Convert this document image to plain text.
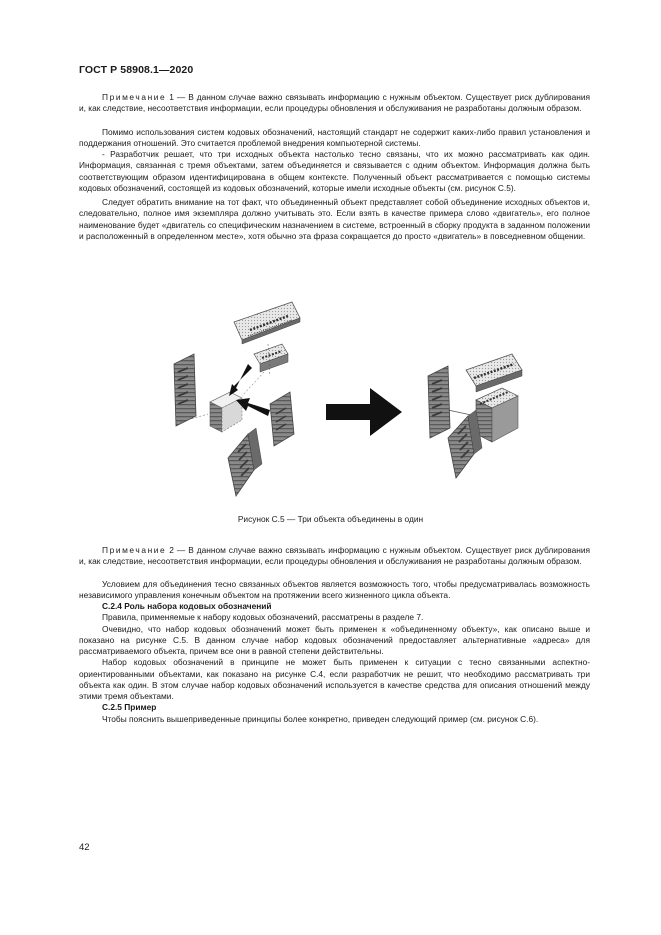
ГОСТ Р 58908.1—2020

Примечание 1 — В данном случае важно связывать информацию с нужным объектом. Существует риск дублирования и, как следствие, несоответствия информации, если процедуры обновления и обслуживания не разработаны должным образом.

Помимо использования систем кодовых обозначений, настоящий стандарт не содержит каких-либо правил установления и поддержания отношений. Это считается проблемой внедрения компьютерной системы.

- Разработчик решает, что три исходных объекта настолько тесно связаны, что их можно рассматривать как один. Информация, связанная с тремя объектами, затем объединяется и связывается с одним объектом. Информация должна быть соответствующим образом идентифицирована в общем контексте. Полученный объект рассматривается с помощью системы кодовых обозначений, состоящей из кодовых обозначений, которые имели исходные объекты (см. рисунок С.5).

Следует обратить внимание на тот факт, что объединенный объект представляет собой объединение исходных объектов и, следовательно, полное имя экземпляра должно учитывать это. Если взять в качестве примера слово «двигатель», его полное наименование будет «двигатель со специфическим назначением в системе, встроенный в сборку продукта в заданном положении и расположенный в определенном месте», хотя обычно эта фраза сокращается до просто «двигатель» в повседневном общении.

Рисунок С.5 — Три объекта объединены в один

Примечание 2 — В данном случае важно связывать информацию с нужным объектом. Существует риск дублирования и, как следствие, несоответствия информации, если процедуры обновления и обслуживания не разработаны должным образом.

Условием для объединения тесно связанных объектов является возможность того, чтобы предусматривалась возможность независимого управления конечным объектом на протяжении всего жизненного цикла объекта.

С.2.4 Роль набора кодовых обозначений

Правила, применяемые к набору кодовых обозначений, рассматрены в разделе 7.

Очевидно, что набор кодовых обозначений может быть применен к «объединенному объекту», как описано выше и показано на рисунке С.5. В данном случае набор кодовых обозначений предоставляет альтернативные «адреса» для рассматриваемого объекта, причем все они в равной степени действительны.

Набор кодовых обозначений в принципе не может быть применен к ситуации с тесно связанными аспектно-ориентированными объектами, как показано на рисунке С.4, если разработчик не решит, что необходимо рассматривать три объекта как один. В этом случае набор кодовых обозначений используется в качестве средства для описания отношений между этими тремя объектами.

С.2.5 Пример

Чтобы пояснить вышеприведенные принципы более конкретно, приведен следующий пример (см. рисунок С.6).

42
